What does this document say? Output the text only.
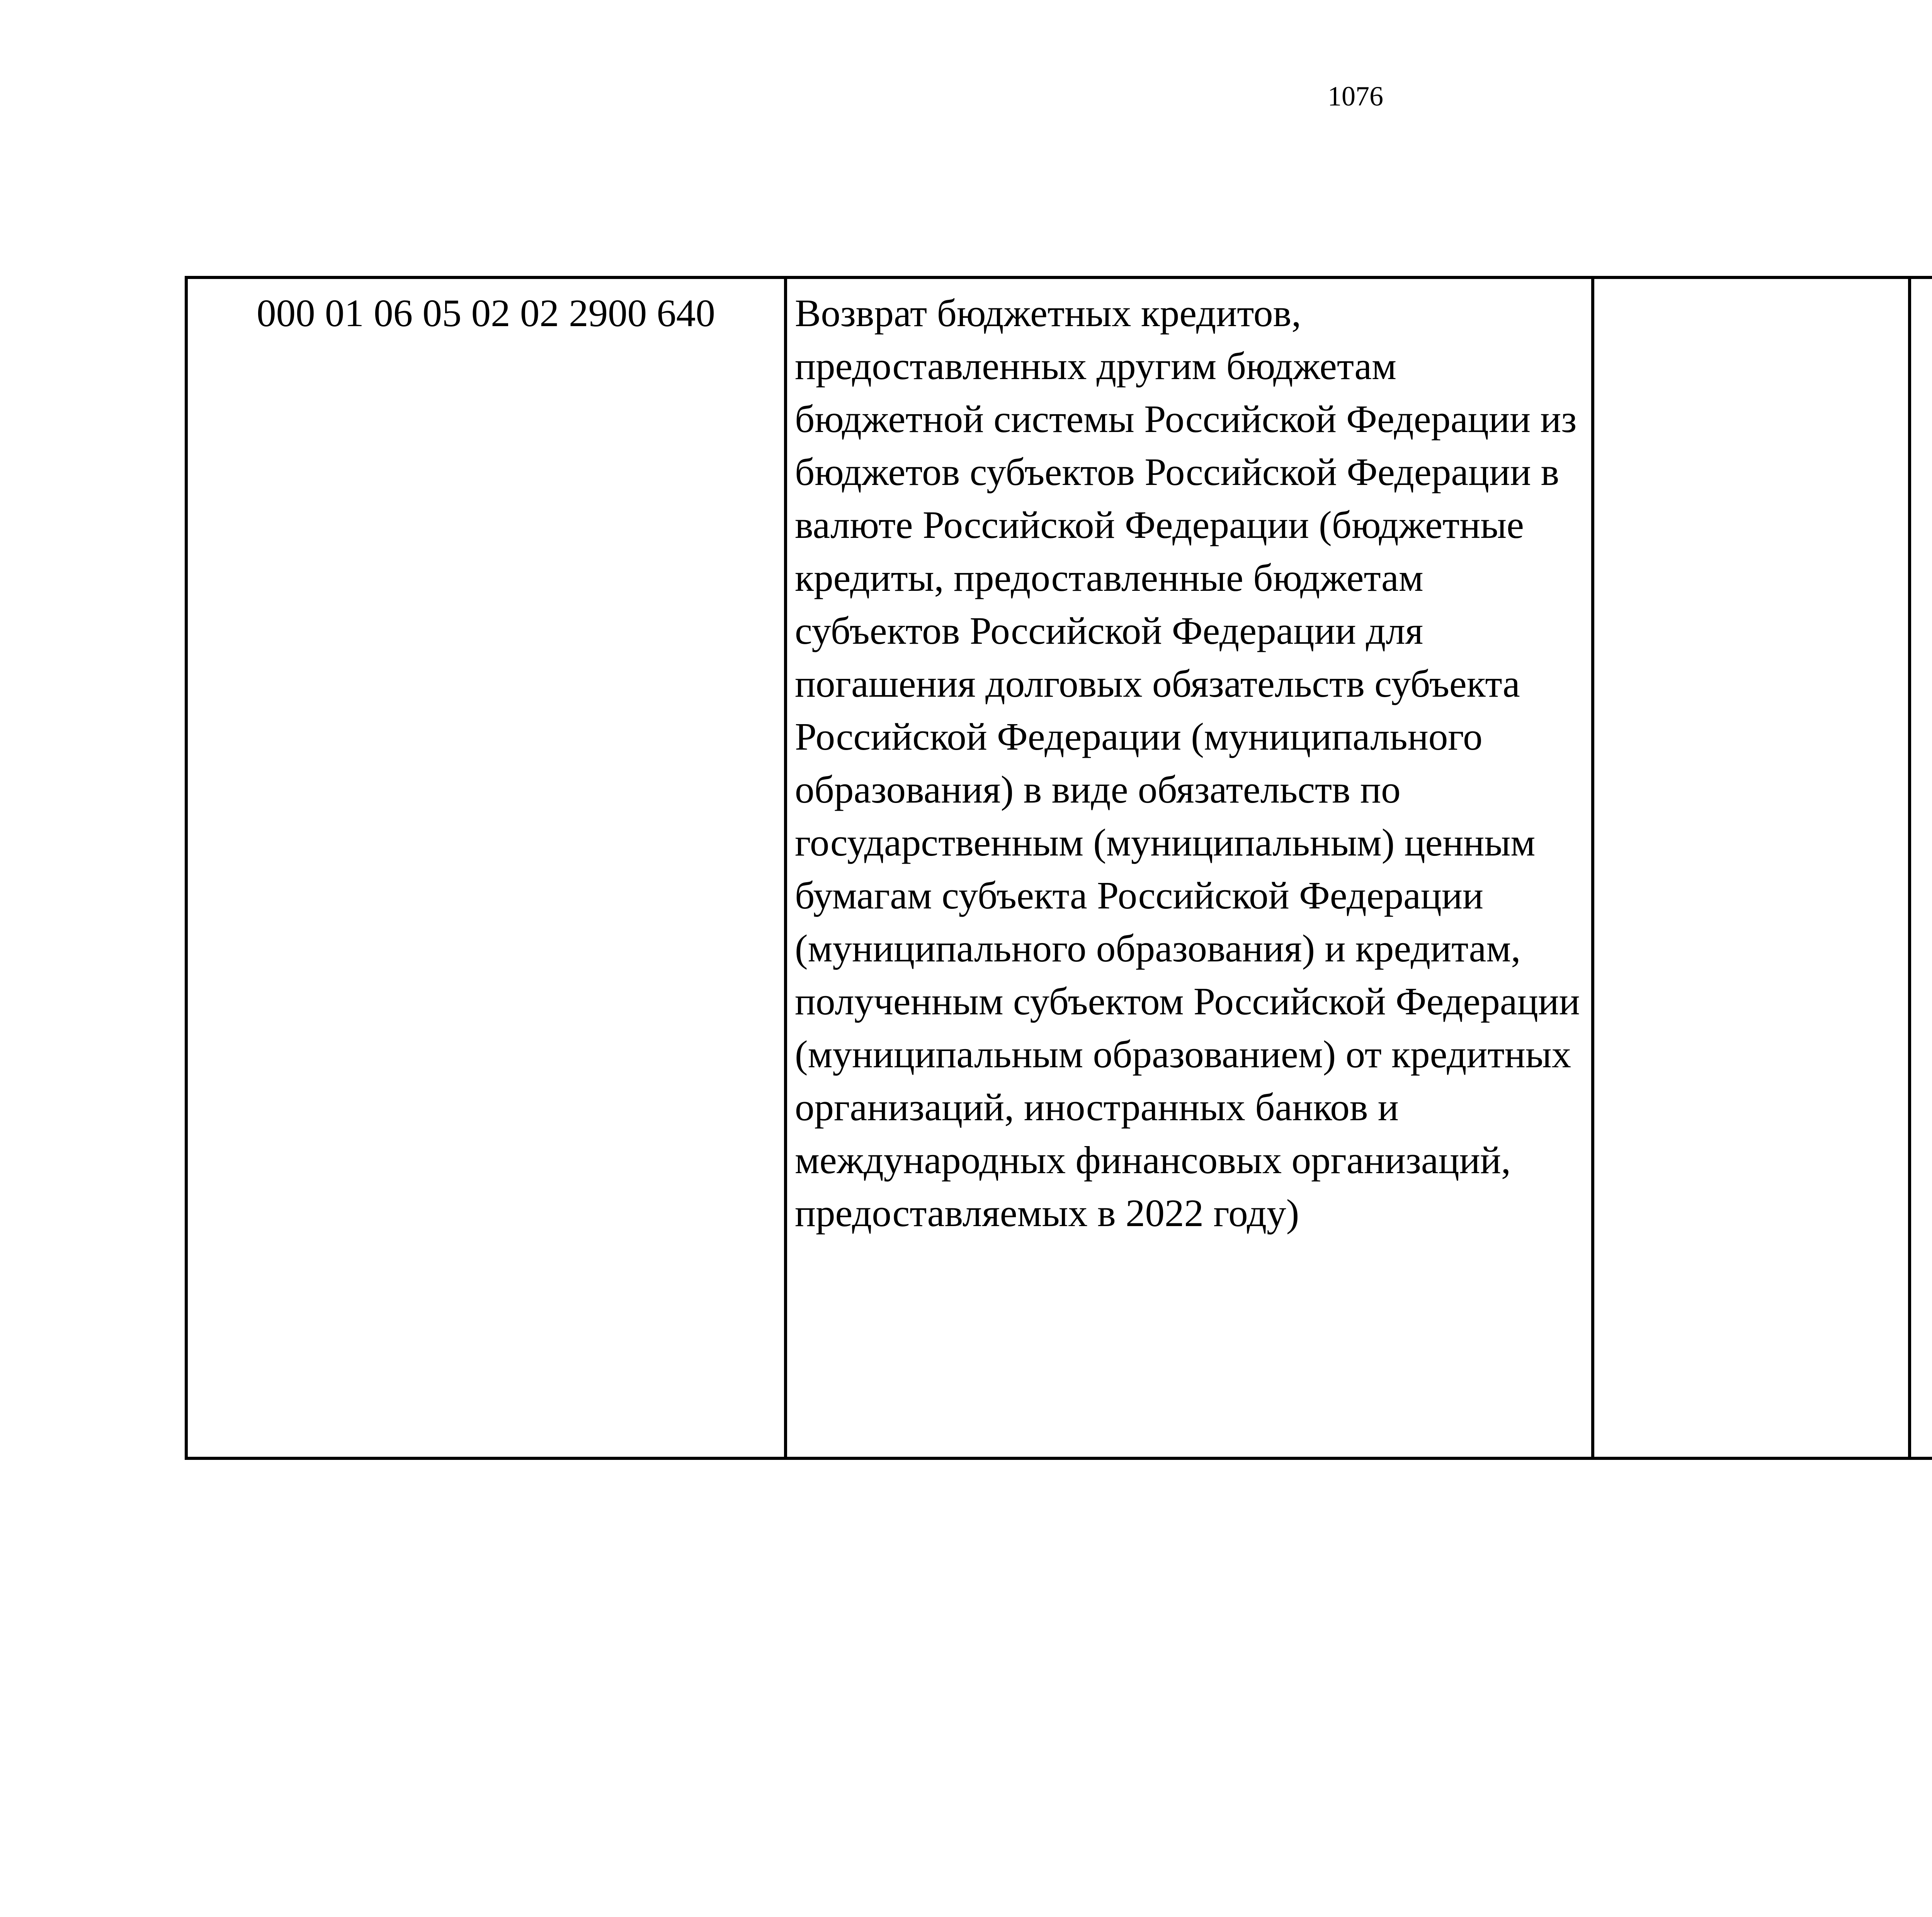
1076
000 01 06 05 02 02 2900 640	Возврат бюджетных кредитов, предоставленных другим бюджетам бюджетной системы Российской Федерации из бюджетов субъектов Российской Федерации в валюте Российской Федерации (бюджетные кредиты, предоставленные бюджетам субъектов Российской Федерации для погашения долговых обязательств субъекта Российской Федерации (муниципального образования) в виде обязательств по государственным (муниципальным) ценным бумагам субъекта Российской Федерации (муниципального образования) и кредитам, полученным субъектом Российской Федерации (муниципальным образованием) от кредитных организаций, иностранных банков и международных финансовых организаций, предоставляемых в 2022 году)			
